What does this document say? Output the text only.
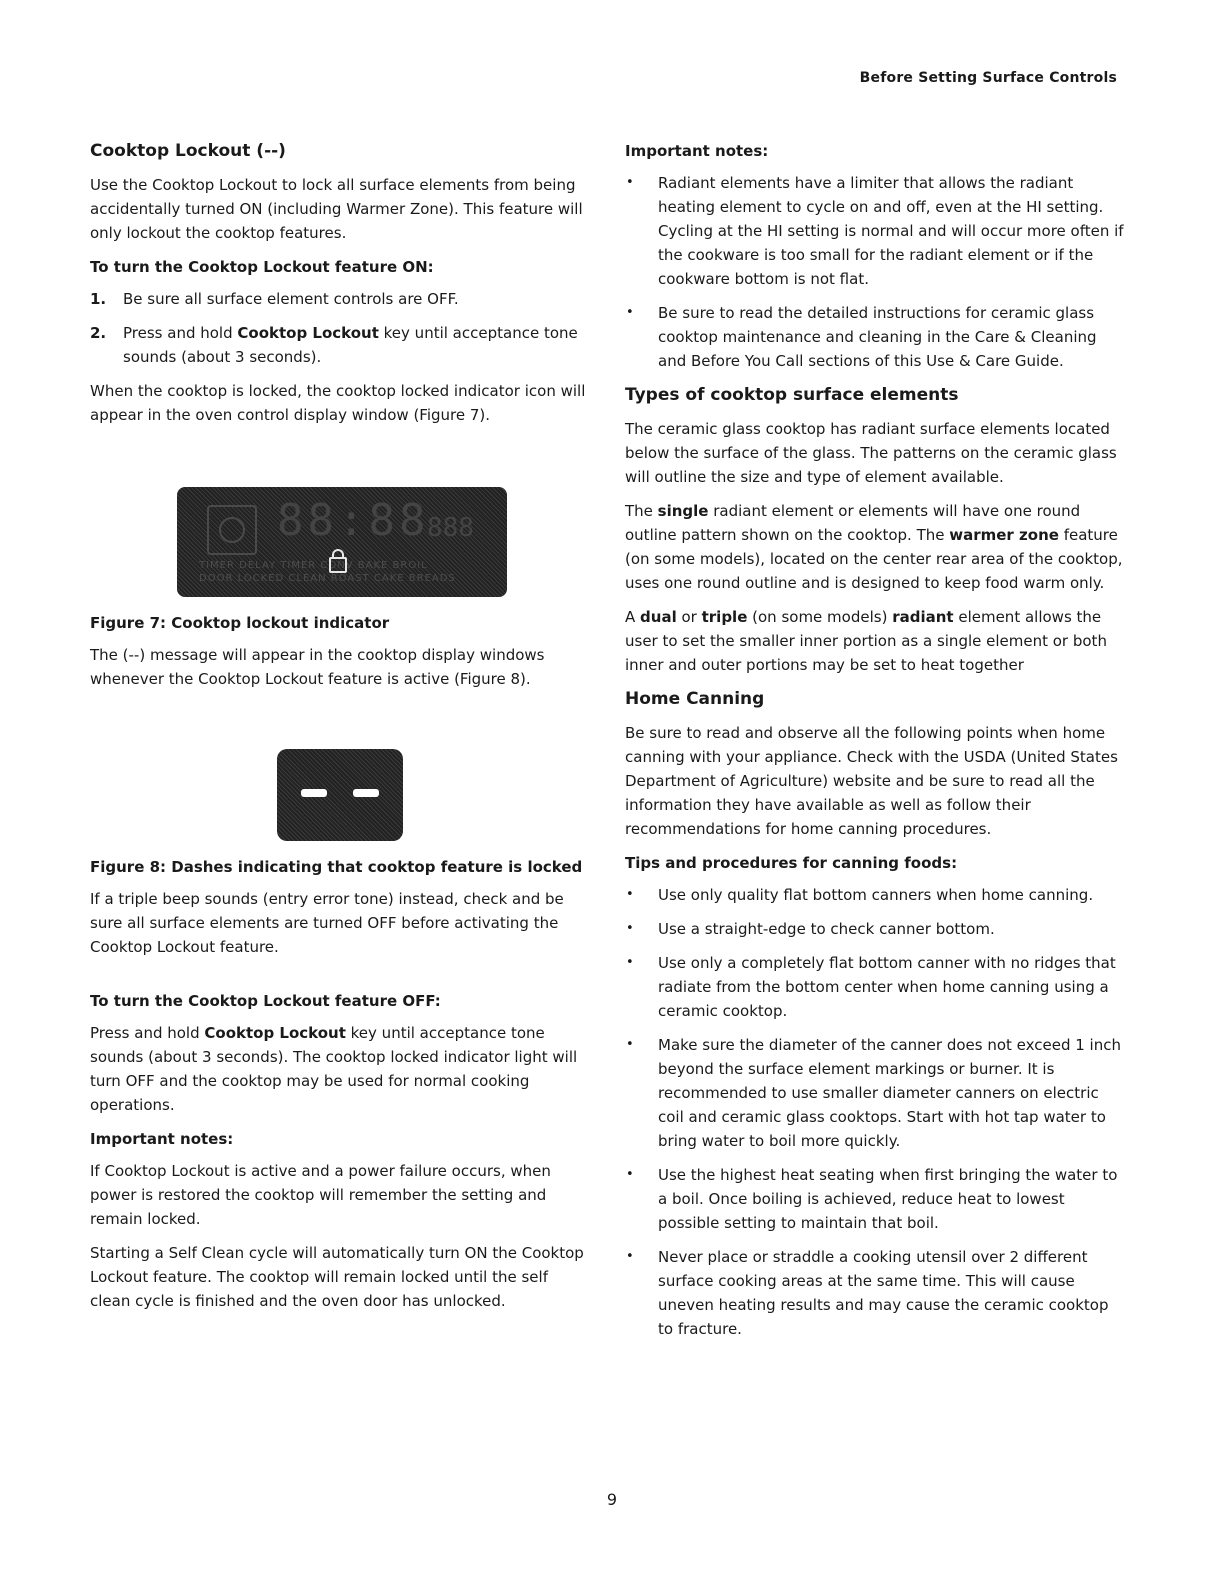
Before Setting Surface Controls
Cooktop Lockout (--)

Use the Cooktop Lockout to lock all surface elements from being accidentally turned ON (including Warmer Zone). This feature will only lockout the cooktop features.

To turn the Cooktop Lockout feature ON:
1. Be sure all surface element controls are OFF.
2. Press and hold Cooktop Lockout key until acceptance tone sounds (about 3 seconds).

When the cooktop is locked, the cooktop locked indicator icon will appear in the oven control display window (Figure 7).

88:88
888
TIMER DELAY TIMER CONV BAKE BROIL
DOOR LOCKED CLEAN ROAST CAKE BREADS
Figure 7: Cooktop lockout indicator

The (--) message will appear in the cooktop display windows whenever the Cooktop Lockout feature is active (Figure 8).

Figure 8: Dashes indicating that cooktop feature is locked

If a triple beep sounds (entry error tone) instead, check and be sure all surface elements are turned OFF before activating the Cooktop Lockout feature.

To turn the Cooktop Lockout feature OFF:

Press and hold Cooktop Lockout key until acceptance tone sounds (about 3 seconds). The cooktop locked indicator light will turn OFF and the cooktop may be used for normal cooking operations.

Important notes:

If Cooktop Lockout is active and a power failure occurs, when power is restored the cooktop will remember the setting and remain locked.

Starting a Self Clean cycle will automatically turn ON the Cooktop Lockout feature. The cooktop will remain locked until the self clean cycle is finished and the oven door has unlocked.

Important notes:
• Radiant elements have a limiter that allows the radiant heating element to cycle on and off, even at the HI setting. Cycling at the HI setting is normal and will occur more often if the cookware is too small for the radiant element or if the cookware bottom is not flat.
• Be sure to read the detailed instructions for ceramic glass cooktop maintenance and cleaning in the Care & Cleaning and Before You Call sections of this Use & Care Guide.
Types of cooktop surface elements

The ceramic glass cooktop has radiant surface elements located below the surface of the glass. The patterns on the ceramic glass will outline the size and type of element available.

The single radiant element or elements will have one round outline pattern shown on the cooktop. The warmer zone feature (on some models), located on the center rear area of the cooktop, uses one round outline and is designed to keep food warm only.

A dual or triple (on some models) radiant element allows the user to set the smaller inner portion as a single element or both inner and outer portions may be set to heat together

Home Canning

Be sure to read and observe all the following points when home canning with your appliance. Check with the USDA (United States Department of Agriculture) website and be sure to read all the information they have available as well as follow their recommendations for home canning procedures.

Tips and procedures for canning foods:
• Use only quality flat bottom canners when home canning.
• Use a straight-edge to check canner bottom.
• Use only a completely flat bottom canner with no ridges that radiate from the bottom center when home canning using a ceramic cooktop.
• Make sure the diameter of the canner does not exceed 1 inch beyond the surface element markings or burner. It is recommended to use smaller diameter canners on electric coil and ceramic glass cooktops. Start with hot tap water to bring water to boil more quickly.
• Use the highest heat seating when first bringing the water to a boil. Once boiling is achieved, reduce heat to lowest possible setting to maintain that boil.
• Never place or straddle a cooking utensil over 2 different surface cooking areas at the same time. This will cause uneven heating results and may cause the ceramic cooktop to fracture.
9
